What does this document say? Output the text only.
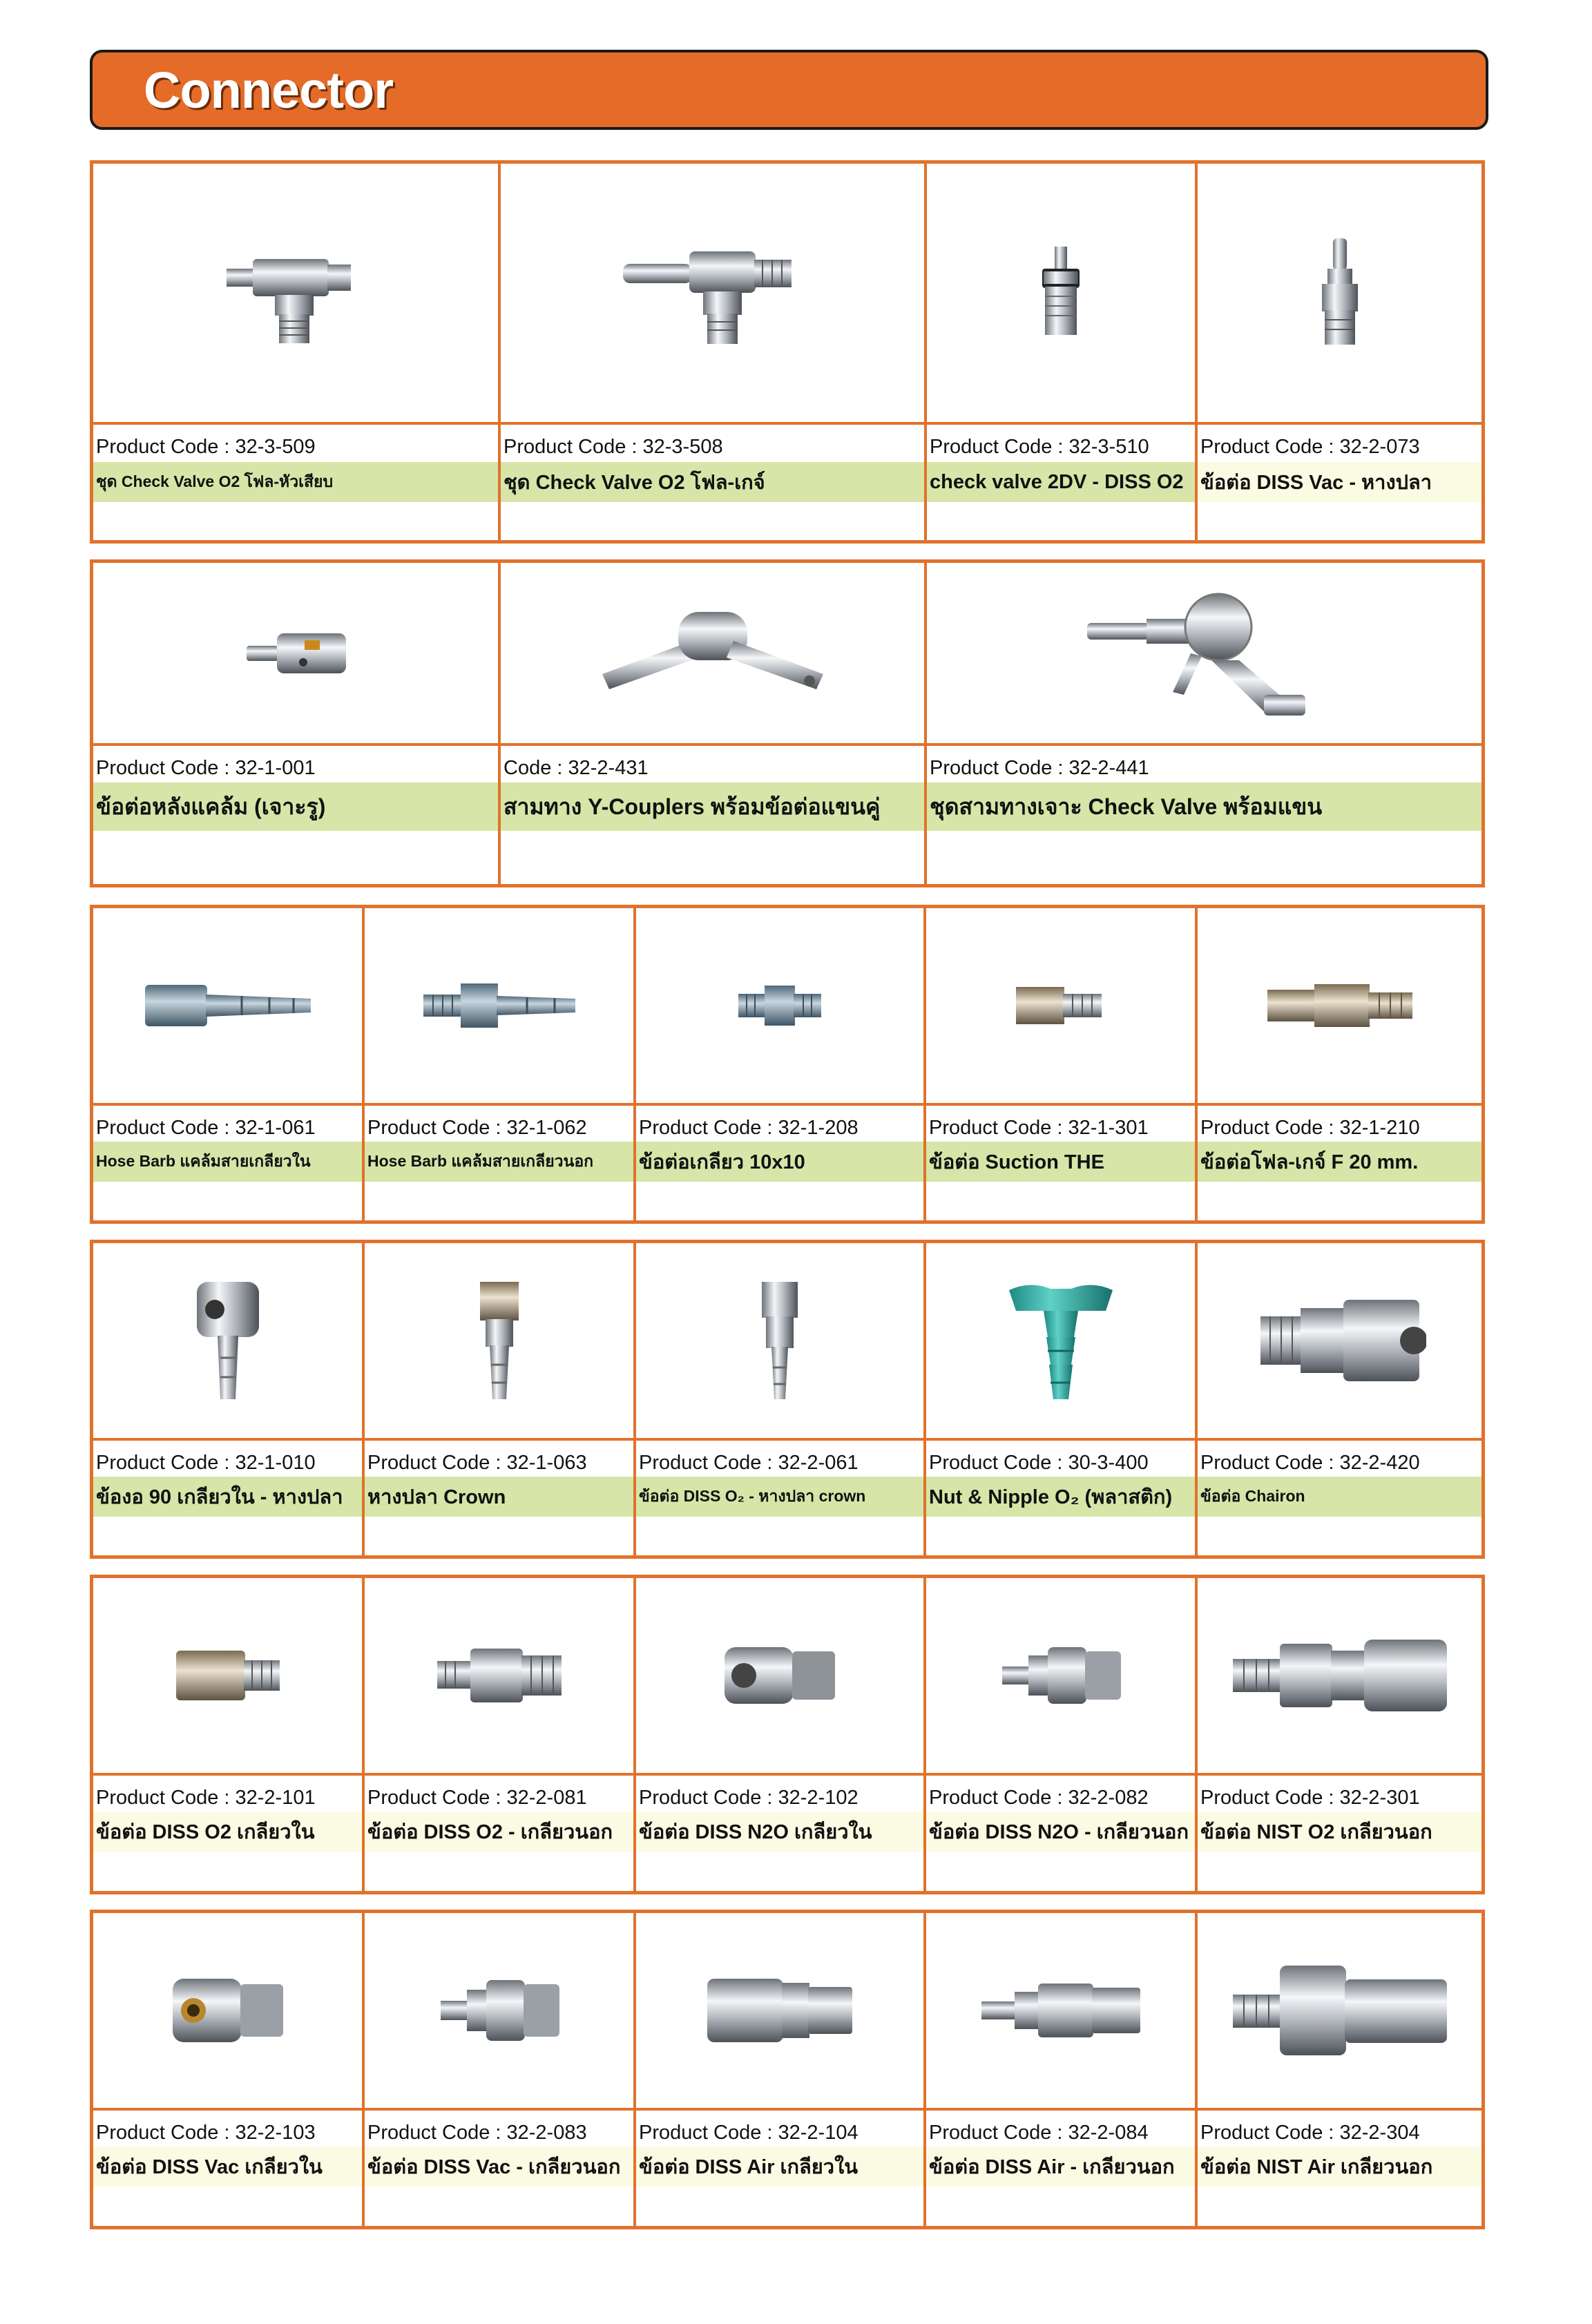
Connector
Product Code : 32-3-509
ชุด Check Valve O2 โฟล-หัวเสียบ
Product Code : 32-3-508
ชุด Check Valve O2 โฟล-เกจ์
Product Code : 32-3-510
check valve 2DV - DISS O2
Product Code : 32-2-073
ข้อต่อ DISS Vac - หางปลา
Product Code : 32-1-001
ข้อต่อหลังแคล้ม (เจาะรู)
Code : 32-2-431
สามทาง Y-Couplers พร้อมข้อต่อแขนคู่
Product Code : 32-2-441
ชุดสามทางเจาะ Check Valve พร้อมแขน
Product Code : 32-1-061
Hose Barb แคล้มสายเกลียวใน
Product Code : 32-1-062
Hose Barb แคล้มสายเกลียวนอก
Product Code : 32-1-208
ข้อต่อเกลียว 10x10
Product Code : 32-1-301
ข้อต่อ Suction THE
Product Code : 32-1-210
ข้อต่อโฟล-เกจ์ F 20 mm.
Product Code : 32-1-010
ข้องอ 90 เกลียวใน - หางปลา
Product Code : 32-1-063
หางปลา Crown
Product Code : 32-2-061
ข้อต่อ DISS O₂ - หางปลา crown
Product Code : 30-3-400
Nut & Nipple O₂ (พลาสติก)
Product Code : 32-2-420
ข้อต่อ Chairon
Product Code : 32-2-101
ข้อต่อ DISS O2 เกลียวใน
Product Code : 32-2-081
ข้อต่อ DISS O2 - เกลียวนอก
Product Code : 32-2-102
ข้อต่อ DISS N2O เกลียวใน
Product Code : 32-2-082
ข้อต่อ DISS N2O - เกลียวนอก
Product Code : 32-2-301
ข้อต่อ NIST O2 เกลียวนอก
Product Code : 32-2-103
ข้อต่อ DISS Vac เกลียวใน
Product Code : 32-2-083
ข้อต่อ DISS Vac - เกลียวนอก
Product Code : 32-2-104
ข้อต่อ DISS Air เกลียวใน
Product Code : 32-2-084
ข้อต่อ DISS Air - เกลียวนอก
Product Code : 32-2-304
ข้อต่อ NIST Air เกลียวนอก
